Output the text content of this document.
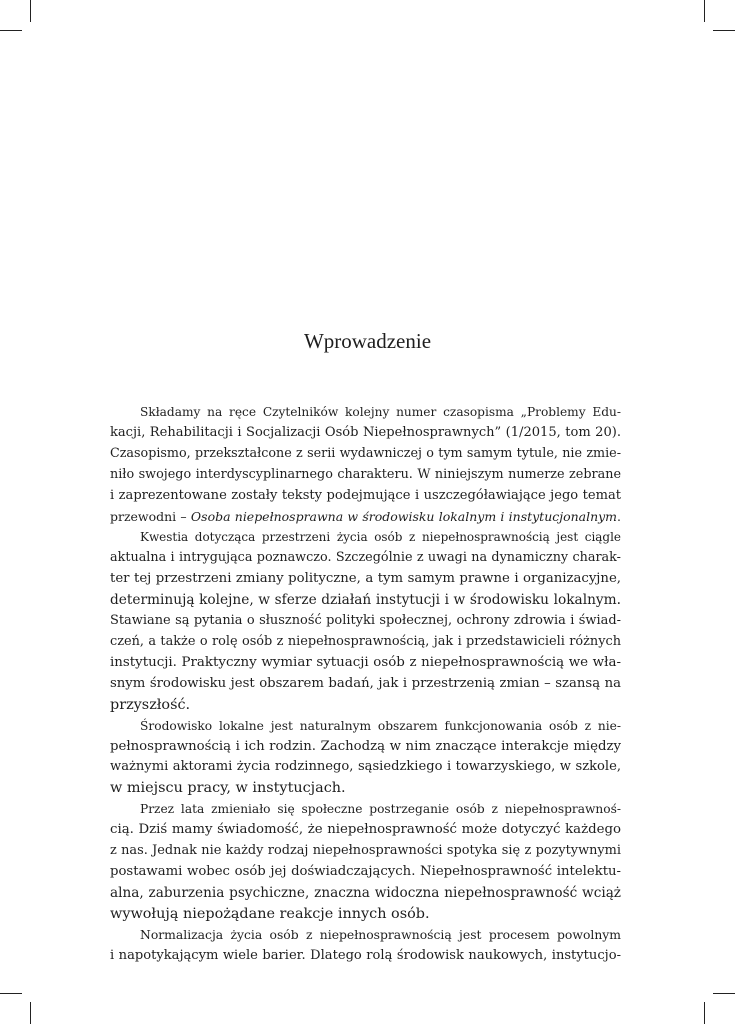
Wprowadzenie

Składamy na ręce Czytelników kolejny numer czasopisma „Problemy Edu-
kacji, Rehabilitacji i Socjalizacji Osób Niepełnosprawnych” (1/2015, tom 20).
Czasopismo, przekształcone z serii wydawniczej o tym samym tytule, nie zmie-
niło swojego interdyscyplinarnego charakteru. W niniejszym numerze zebrane
i zaprezentowane zostały teksty podejmujące i uszczegóławiające jego temat
przewodni – Osoba niepełnosprawna w środowisku lokalnym i instytucjonalnym.

Kwestia dotycząca przestrzeni życia osób z niepełnosprawnością jest ciągle
aktualna i intrygująca poznawczo. Szczególnie z uwagi na dynamiczny charak-
ter tej przestrzeni zmiany polityczne, a tym samym prawne i organizacyjne,
determinują kolejne, w sferze działań instytucji i w środowisku lokalnym.
Stawiane są pytania o słuszność polityki społecznej, ochrony zdrowia i świad-
czeń, a także o rolę osób z niepełnosprawnością, jak i przedstawicieli różnych
instytucji. Praktyczny wymiar sytuacji osób z niepełnosprawnością we wła-
snym środowisku jest obszarem badań, jak i przestrzenią zmian – szansą na
przyszłość.

Środowisko lokalne jest naturalnym obszarem funkcjonowania osób z nie-
pełnosprawnością i ich rodzin. Zachodzą w nim znaczące interakcje między
ważnymi aktorami życia rodzinnego, sąsiedzkiego i towarzyskiego, w szkole,
w miejscu pracy, w instytucjach.

Przez lata zmieniało się społeczne postrzeganie osób z niepełnosprawnoś-
cią. Dziś mamy świadomość, że niepełnosprawność może dotyczyć każdego
z nas. Jednak nie każdy rodzaj niepełnosprawności spotyka się z pozytywnymi
postawami wobec osób jej doświadczających. Niepełnosprawność intelektu-
alna, zaburzenia psychiczne, znaczna widoczna niepełnosprawność wciąż
wywołują niepożądane reakcje innych osób.

Normalizacja życia osób z niepełnosprawnością jest procesem powolnym
i napotykającym wiele barier. Dlatego rolą środowisk naukowych, instytucjo-
